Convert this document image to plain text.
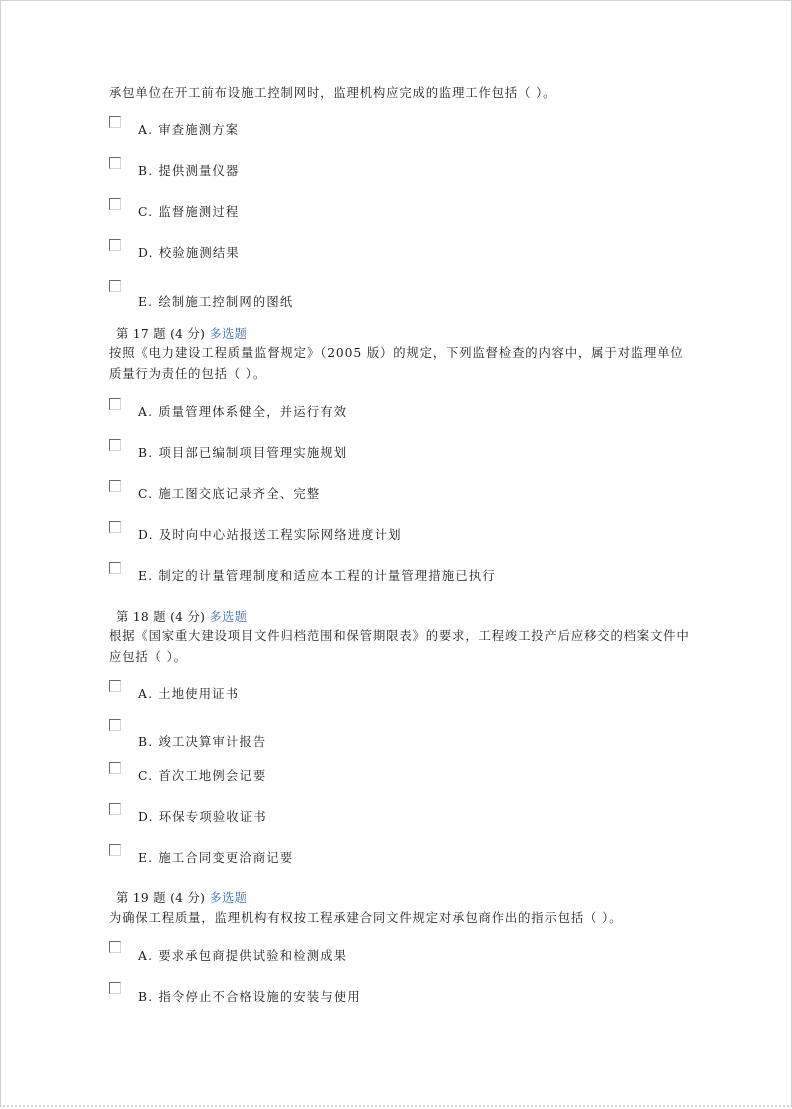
承包单位在开工前布设施工控制网时，监理机构应完成的监理工作包括（ ）。
A. 审查施测方案
B. 提供测量仪器
C. 监督施测过程
D. 校验施测结果
E. 绘制施工控制网的图纸
第 17 题 (4 分) 多选题
按照《电力建设工程质量监督规定》（2005 版）的规定，下列监督检查的内容中，属于对监理单位
质量行为责任的包括（ ）。
A. 质量管理体系健全，并运行有效
B. 项目部已编制项目管理实施规划
C. 施工图交底记录齐全、完整
D. 及时向中心站报送工程实际网络进度计划
E. 制定的计量管理制度和适应本工程的计量管理措施已执行
第 18 题 (4 分) 多选题
根据《国家重大建设项目文件归档范围和保管期限表》的要求，工程竣工投产后应移交的档案文件中
应包括（ ）。
A. 土地使用证书
B. 竣工决算审计报告
C. 首次工地例会记要
D. 环保专项验收证书
E. 施工合同变更洽商记要
第 19 题 (4 分) 多选题
为确保工程质量，监理机构有权按工程承建合同文件规定对承包商作出的指示包括（ ）。
A. 要求承包商提供试验和检测成果
B. 指令停止不合格设施的安装与使用
